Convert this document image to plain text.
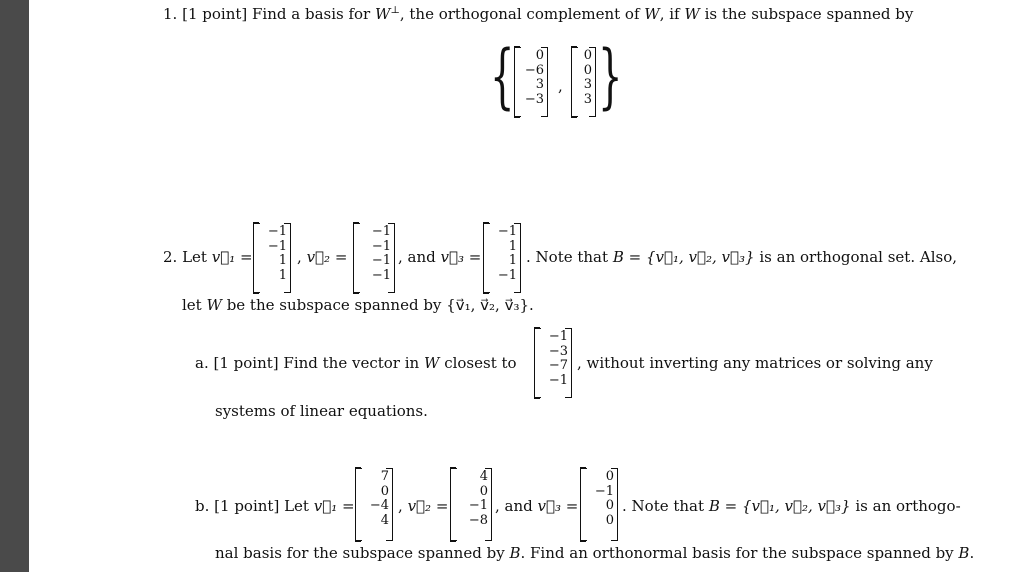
1. [1 point] Find a basis for W⊥, the orthogonal complement of W, if W is the subspace spanned by
{	0
−6
3
−3
,
0
0
3
3 }
2. Let v⃗₁ =
−1
−1
1
1
, v⃗₂ =
−1
−1
−1
−1
, and v⃗₃ =
−1
1
1
−1
. Note that B = {v⃗₁, v⃗₂, v⃗₃} is an orthogonal set. Also,
let W be the subspace spanned by {v⃗₁, v⃗₂, v⃗₃}.
a. [1 point] Find the vector in W closest to
−1
−3
−7
−1
, without inverting any matrices or solving any
systems of linear equations.
b. [1 point] Let v⃗₁ =
7
0
−4
4
, v⃗₂ =
4
0
−1
−8
, and v⃗₃ =
0
−1
0
0
. Note that B = {v⃗₁, v⃗₂, v⃗₃} is an orthogo-
nal basis for the subspace spanned by B. Find an orthonormal basis for the subspace spanned by B.
